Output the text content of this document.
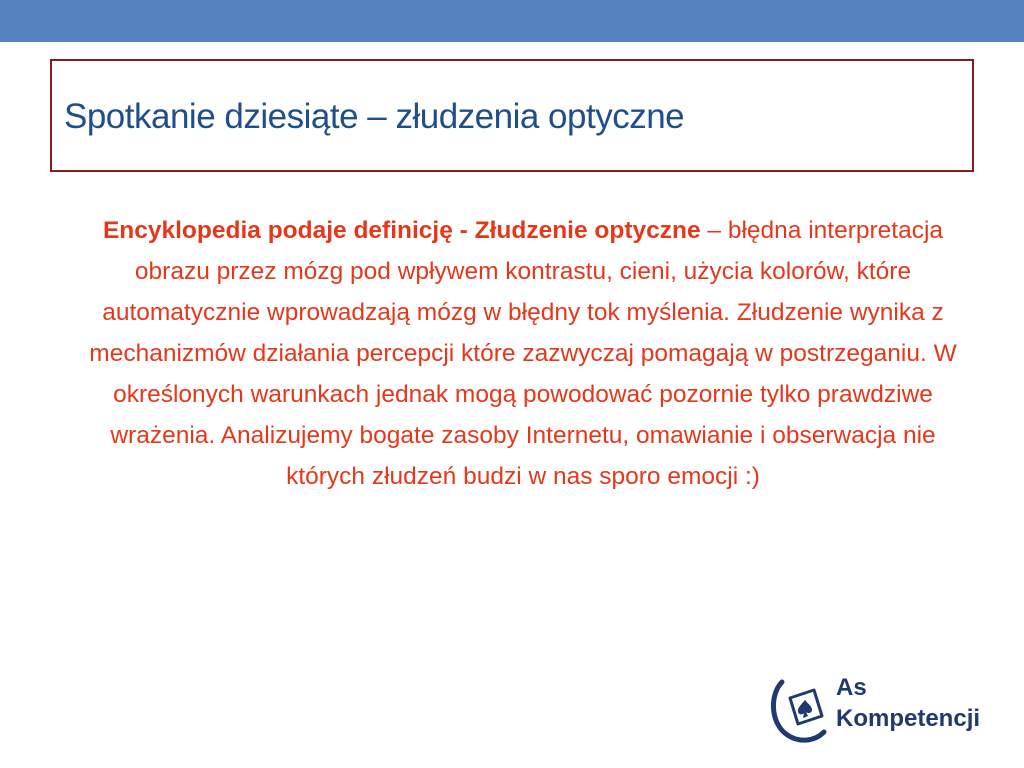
Spotkanie dziesiąte – złudzenia optyczne
Encyklopedia podaje definicję - Złudzenie optyczne – błędna interpretacja obrazu przez mózg pod wpływem kontrastu, cieni, użycia kolorów, które automatycznie wprowadzają mózg w błędny tok myślenia. Złudzenie wynika z mechanizmów działania percepcji które zazwyczaj pomagają w postrzeganiu. W określonych warunkach jednak mogą powodować pozornie tylko prawdziwe wrażenia. Analizujemy bogate zasoby Internetu, omawianie i obserwacja nie których złudzeń budzi w nas sporo emocji :)
As
Kompetencji
